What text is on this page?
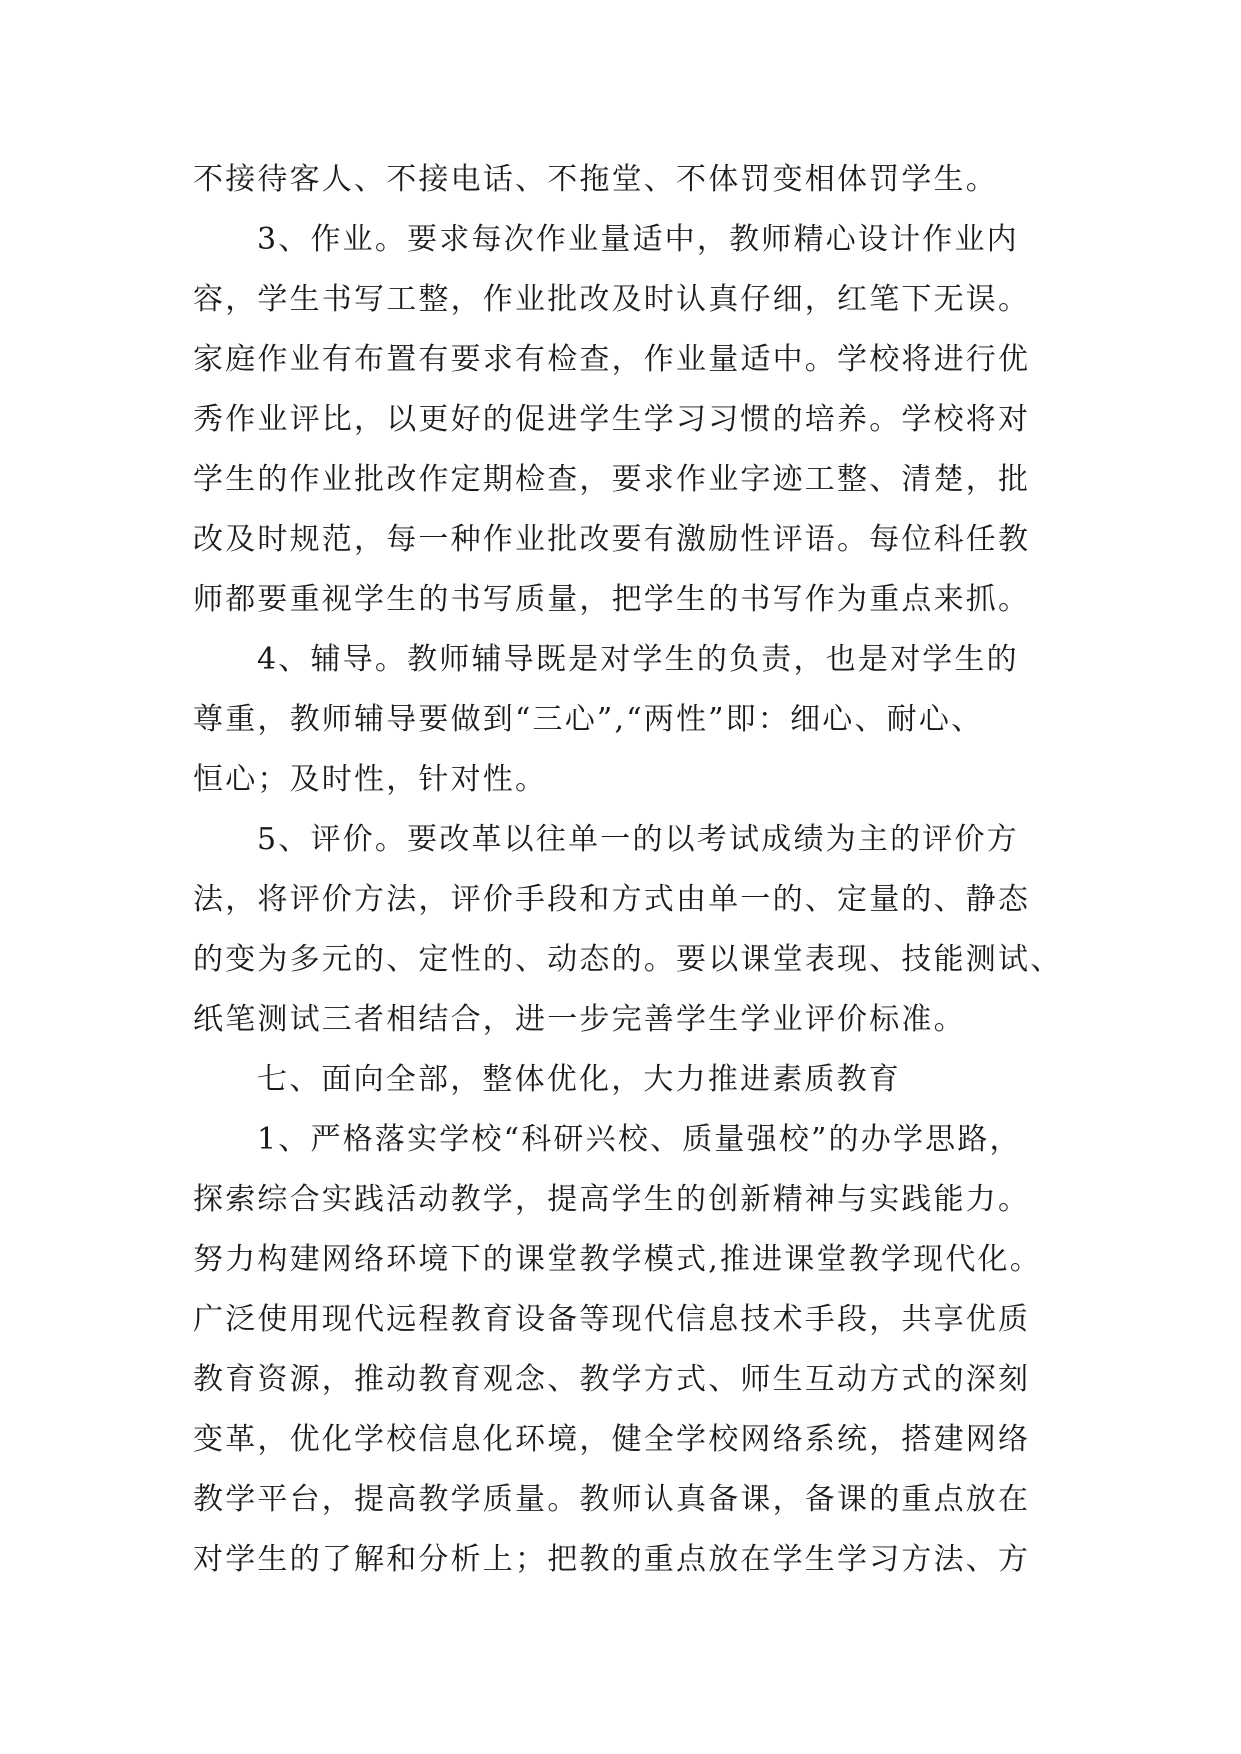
不接待客人、不接电话、不拖堂、不体罚变相体罚学生。
3、作业。要求每次作业量适中，教师精心设计作业内
容，学生书写工整，作业批改及时认真仔细，红笔下无误。
家庭作业有布置有要求有检查，作业量适中。学校将进行优
秀作业评比，以更好的促进学生学习习惯的培养。学校将对
学生的作业批改作定期检查，要求作业字迹工整、清楚，批
改及时规范，每一种作业批改要有激励性评语。每位科任教
师都要重视学生的书写质量，把学生的书写作为重点来抓。
4、辅导。教师辅导既是对学生的负责，也是对学生的
尊重，教师辅导要做到“三心”,“两性”即：细心、耐心、
恒心；及时性，针对性。
5、评价。要改革以往单一的以考试成绩为主的评价方
法，将评价方法，评价手段和方式由单一的、定量的、静态
的变为多元的、定性的、动态的。要以课堂表现、技能测试、
纸笔测试三者相结合，进一步完善学生学业评价标准。
七、面向全部，整体优化，大力推进素质教育
1、严格落实学校“科研兴校、质量强校”的办学思路，
探索综合实践活动教学，提高学生的创新精神与实践能力。
努力构建网络环境下的课堂教学模式,推进课堂教学现代化。
广泛使用现代远程教育设备等现代信息技术手段，共享优质
教育资源，推动教育观念、教学方式、师生互动方式的深刻
变革，优化学校信息化环境，健全学校网络系统，搭建网络
教学平台，提高教学质量。教师认真备课，备课的重点放在
对学生的了解和分析上；把教的重点放在学生学习方法、方
